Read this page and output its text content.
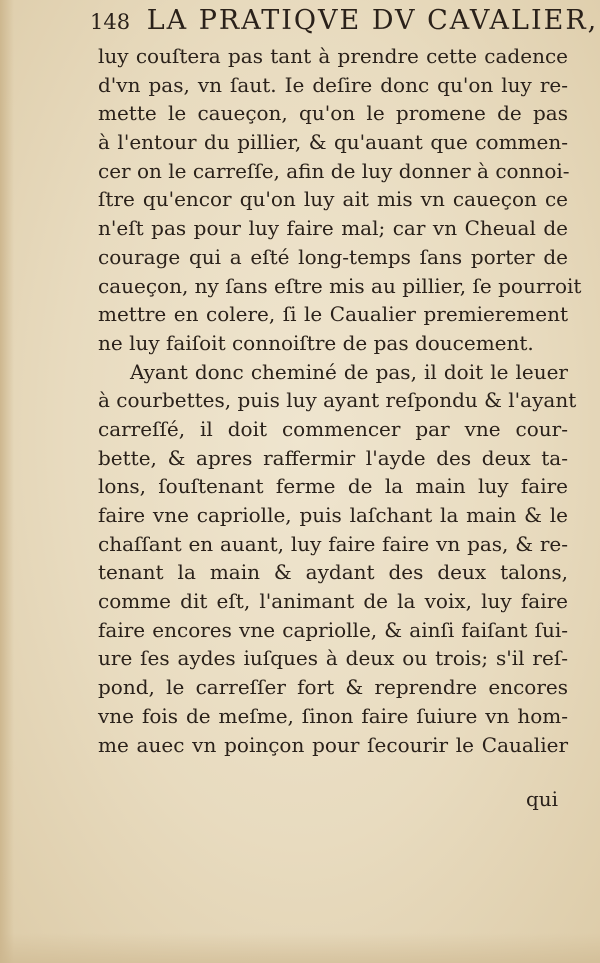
148 LA PRATIQVE DV CAVALIER,
luy couſtera pas tant à prendre cette cadence
d'vn pas, vn ſaut. Ie deſire donc qu'on luy re-
mette le caueçon, qu'on le promene de pas
à l'entour du pillier, & qu'auant que commen-
cer on le carreſſe, afin de luy donner à connoi-
ſtre qu'encor qu'on luy ait mis vn caueçon ce
n'eſt pas pour luy faire mal; car vn Cheual de
courage qui a eſté long-temps ſans porter de
caueçon, ny ſans eſtre mis au pillier, ſe pourroit
mettre en colere, ſi le Caualier premierement
ne luy faiſoit connoiſtre de pas doucement.
Ayant donc cheminé de pas, il doit le leuer
à courbettes, puis luy ayant reſpondu & l'ayant
carreſſé, il doit commencer par vne cour-
bette, & apres raffermir l'ayde des deux ta-
lons, ſouſtenant ferme de la main luy faire
faire vne capriolle, puis laſchant la main & le
chaſſant en auant, luy faire faire vn pas, & re-
tenant la main & aydant des deux talons,
comme dit eſt, l'animant de la voix, luy faire
faire encores vne capriolle, & ainſi faiſant ſui-
ure ſes aydes iuſques à deux ou trois; s'il reſ-
pond, le carreſſer fort & reprendre encores
vne fois de meſme, ſinon faire ſuiure vn hom-
me auec vn poinçon pour ſecourir le Caualier
qui
